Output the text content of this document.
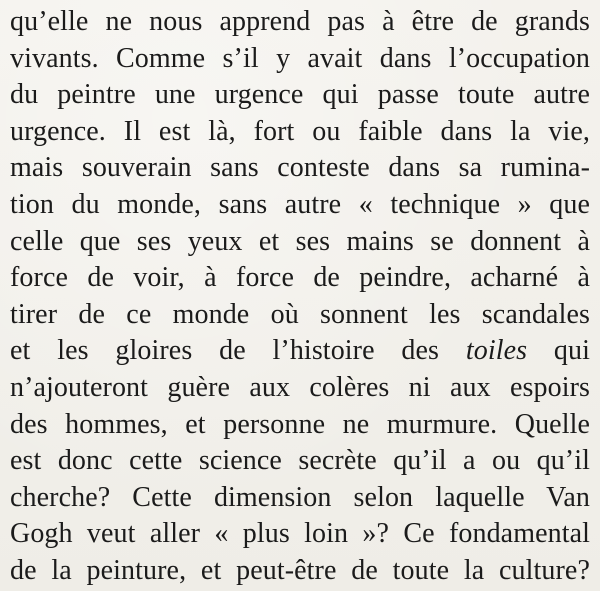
qu’elle ne nous apprend pas à être de grands
vivants. Comme s’il y avait dans l’occupation
du peintre une urgence qui passe toute autre
urgence. Il est là, fort ou faible dans la vie,
mais souverain sans conteste dans sa rumina-
tion du monde, sans autre « technique » que
celle que ses yeux et ses mains se donnent à
force de voir, à force de peindre, acharné à
tirer de ce monde où sonnent les scandales
et les gloires de l’histoire des toiles qui
n’ajouteront guère aux colères ni aux espoirs
des hommes, et personne ne murmure. Quelle
est donc cette science secrète qu’il a ou qu’il
cherche? Cette dimension selon laquelle Van
Gogh veut aller « plus loin »? Ce fondamental
de la peinture, et peut-être de toute la culture?
